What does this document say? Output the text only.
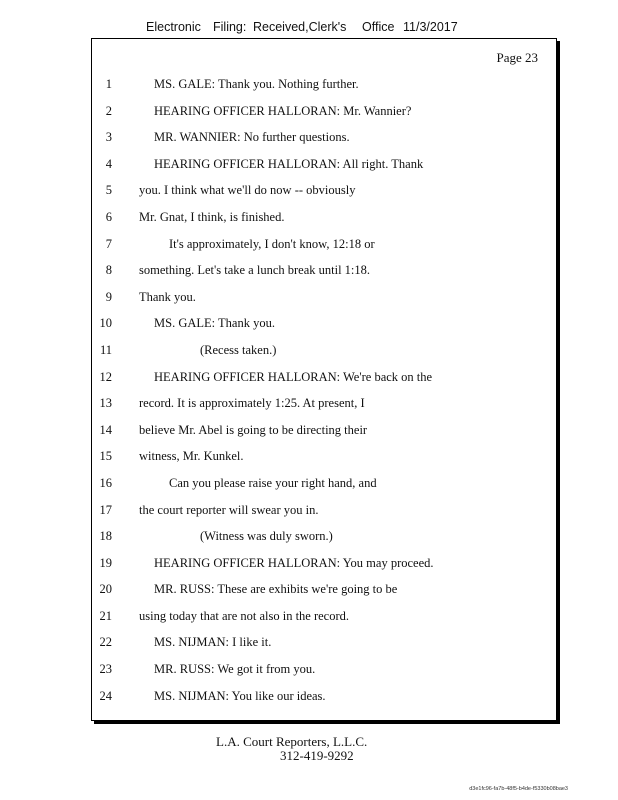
Electronic Filing: Received,Clerk's Office 11/3/2017
Page 23
1	MS. GALE: Thank you. Nothing further.
2	HEARING OFFICER HALLORAN: Mr. Wannier?
3	MR. WANNIER: No further questions.
4	HEARING OFFICER HALLORAN: All right. Thank
5 you. I think what we'll do now -- obviously
6 Mr. Gnat, I think, is finished.
7	It's approximately, I don't know, 12:18 or
8 something. Let's take a lunch break until 1:18.
9 Thank you.
10	MS. GALE: Thank you.
11	(Recess taken.)
12	HEARING OFFICER HALLORAN: We're back on the
13 record. It is approximately 1:25. At present, I
14 believe Mr. Abel is going to be directing their
15 witness, Mr. Kunkel.
16	Can you please raise your right hand, and
17 the court reporter will swear you in.
18	(Witness was duly sworn.)
19	HEARING OFFICER HALLORAN: You may proceed.
20	MR. RUSS: These are exhibits we're going to be
21 using today that are not also in the record.
22	MS. NIJMAN: I like it.
23	MR. RUSS: We got it from you.
24	MS. NIJMAN: You like our ideas.
L.A. Court Reporters, L.L.C.
312-419-9292
d3e1fc96-fa7b-48f5-b4de-f5330b08bae3
